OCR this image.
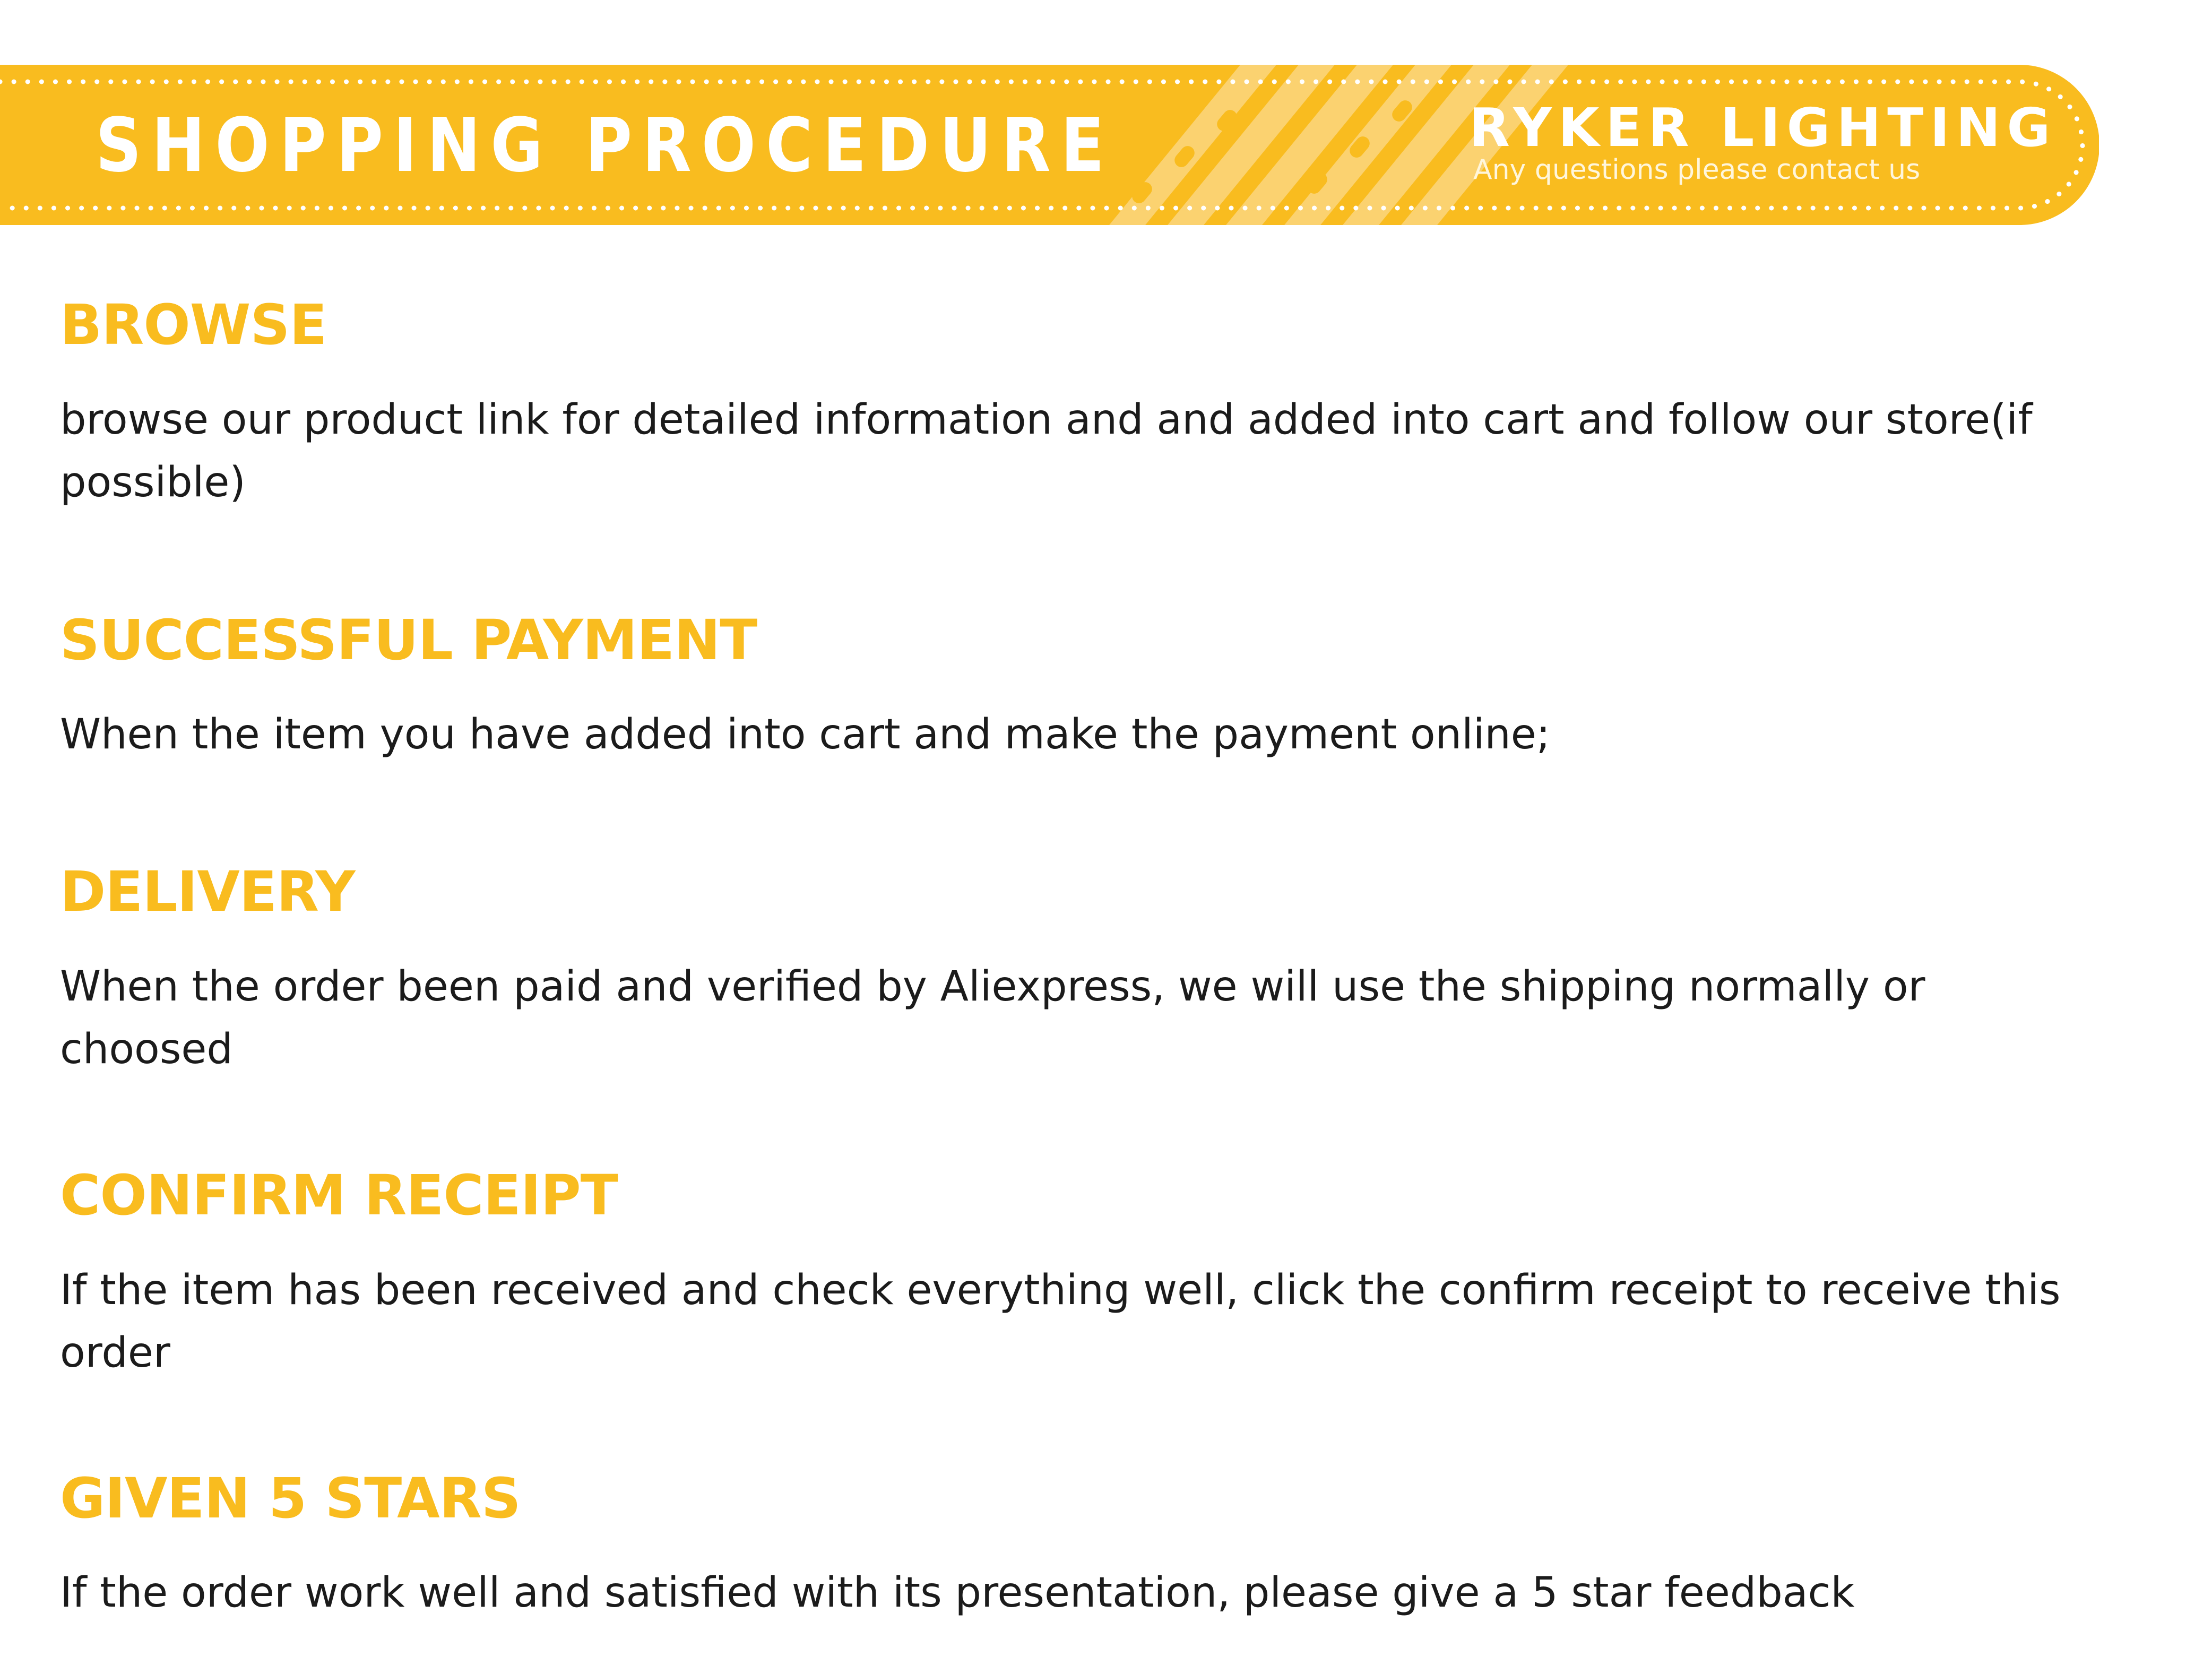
SHOPPING PROCEDURE	RYKER LIGHTING
Any questions please contact us
BROWSE

browse our product link for detailed information and and added into cart and follow our store(if possible)

SUCCESSFUL PAYMENT

When the item you have added into cart and make the payment online;

DELIVERY

When the order been paid and verified by Aliexpress, we will use the shipping normally or choosed

CONFIRM RECEIPT

If the item has been received and check everything well, click the confirm receipt to receive this order

GIVEN 5 STARS

If the order work well and satisfied with its presentation, please give a 5 star feedback
